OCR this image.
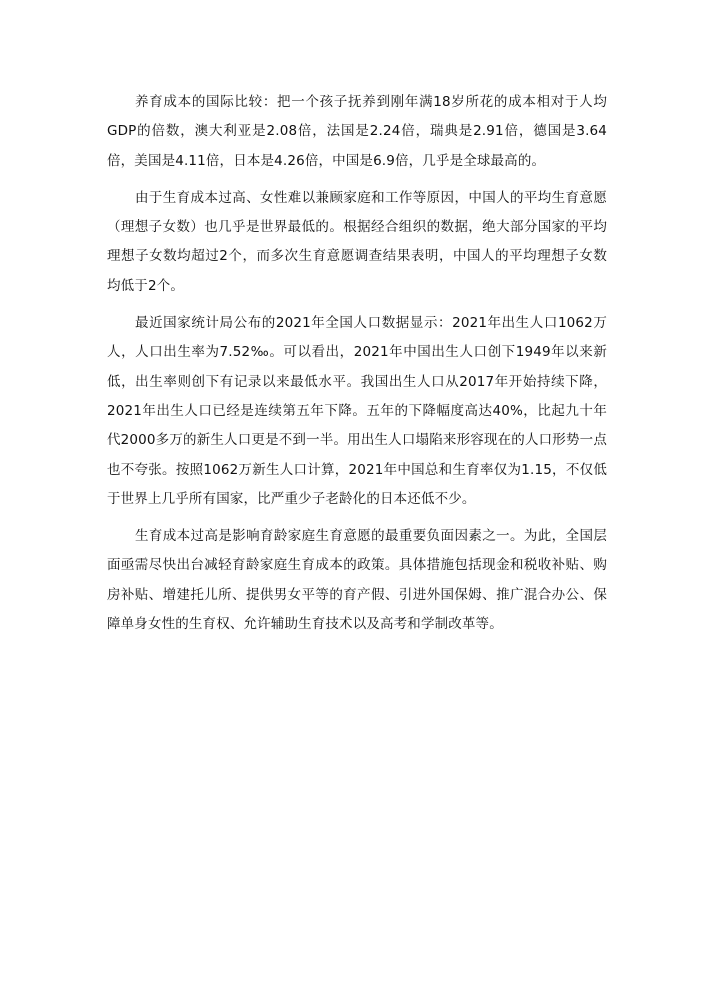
养育成本的国际比较：把一个孩子抚养到刚年满18岁所花的成本相对于人均GDP的倍数，澳大利亚是2.08倍，法国是2.24倍，瑞典是2.91倍，德国是3.64倍，美国是4.11倍，日本是4.26倍，中国是6.9倍，几乎是全球最高的。

由于生育成本过高、女性难以兼顾家庭和工作等原因，中国人的平均生育意愿（理想子女数）也几乎是世界最低的。根据经合组织的数据，绝大部分国家的平均理想子女数均超过2个，而多次生育意愿调查结果表明，中国人的平均理想子女数均低于2个。

最近国家统计局公布的2021年全国人口数据显示：2021年出生人口1062万人，人口出生率为7.52‰。可以看出，2021年中国出生人口创下1949年以来新低，出生率则创下有记录以来最低水平。我国出生人口从2017年开始持续下降，2021年出生人口已经是连续第五年下降。五年的下降幅度高达40%，比起九十年代2000多万的新生人口更是不到一半。用出生人口塌陷来形容现在的人口形势一点也不夸张。按照1062万新生人口计算，2021年中国总和生育率仅为1.15，不仅低于世界上几乎所有国家，比严重少子老龄化的日本还低不少。

生育成本过高是影响育龄家庭生育意愿的最重要负面因素之一。为此，全国层面亟需尽快出台减轻育龄家庭生育成本的政策。具体措施包括现金和税收补贴、购房补贴、增建托儿所、提供男女平等的育产假、引进外国保姆、推广混合办公、保障单身女性的生育权、允许辅助生育技术以及高考和学制改革等。
